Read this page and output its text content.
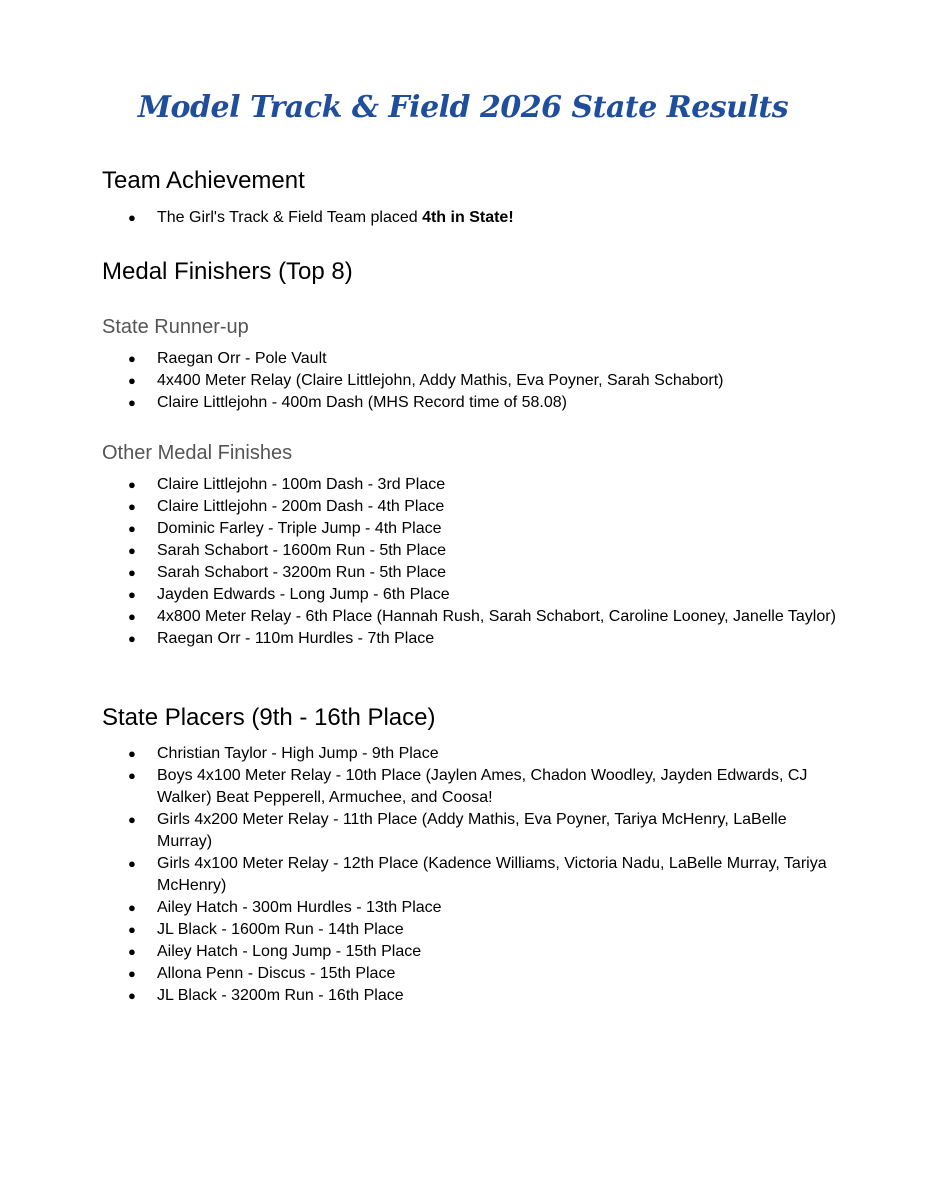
Model Track & Field 2026 State Results
Team Achievement
● The Girl's Track & Field Team placed 4th in State!
Medal Finishers (Top 8)
State Runner-up
● Raegan Orr - Pole Vault
● 4x400 Meter Relay (Claire Littlejohn, Addy Mathis, Eva Poyner, Sarah Schabort)
● Claire Littlejohn - 400m Dash (MHS Record time of 58.08)
Other Medal Finishes
● Claire Littlejohn - 100m Dash - 3rd Place
● Claire Littlejohn - 200m Dash - 4th Place
● Dominic Farley - Triple Jump - 4th Place
● Sarah Schabort - 1600m Run - 5th Place
● Sarah Schabort - 3200m Run - 5th Place
● Jayden Edwards - Long Jump - 6th Place
● 4x800 Meter Relay - 6th Place (Hannah Rush, Sarah Schabort, Caroline Looney, Janelle Taylor)
● Raegan Orr - 110m Hurdles - 7th Place
State Placers (9th - 16th Place)
● Christian Taylor - High Jump - 9th Place
● Boys 4x100 Meter Relay - 10th Place (Jaylen Ames, Chadon Woodley, Jayden Edwards, CJ Walker) Beat Pepperell, Armuchee, and Coosa!
● Girls 4x200 Meter Relay - 11th Place (Addy Mathis, Eva Poyner, Tariya McHenry, LaBelle Murray)
● Girls 4x100 Meter Relay - 12th Place (Kadence Williams, Victoria Nadu, LaBelle Murray, Tariya McHenry)
● Ailey Hatch - 300m Hurdles - 13th Place
● JL Black - 1600m Run - 14th Place
● Ailey Hatch - Long Jump - 15th Place
● Allona Penn - Discus - 15th Place
● JL Black - 3200m Run - 16th Place
